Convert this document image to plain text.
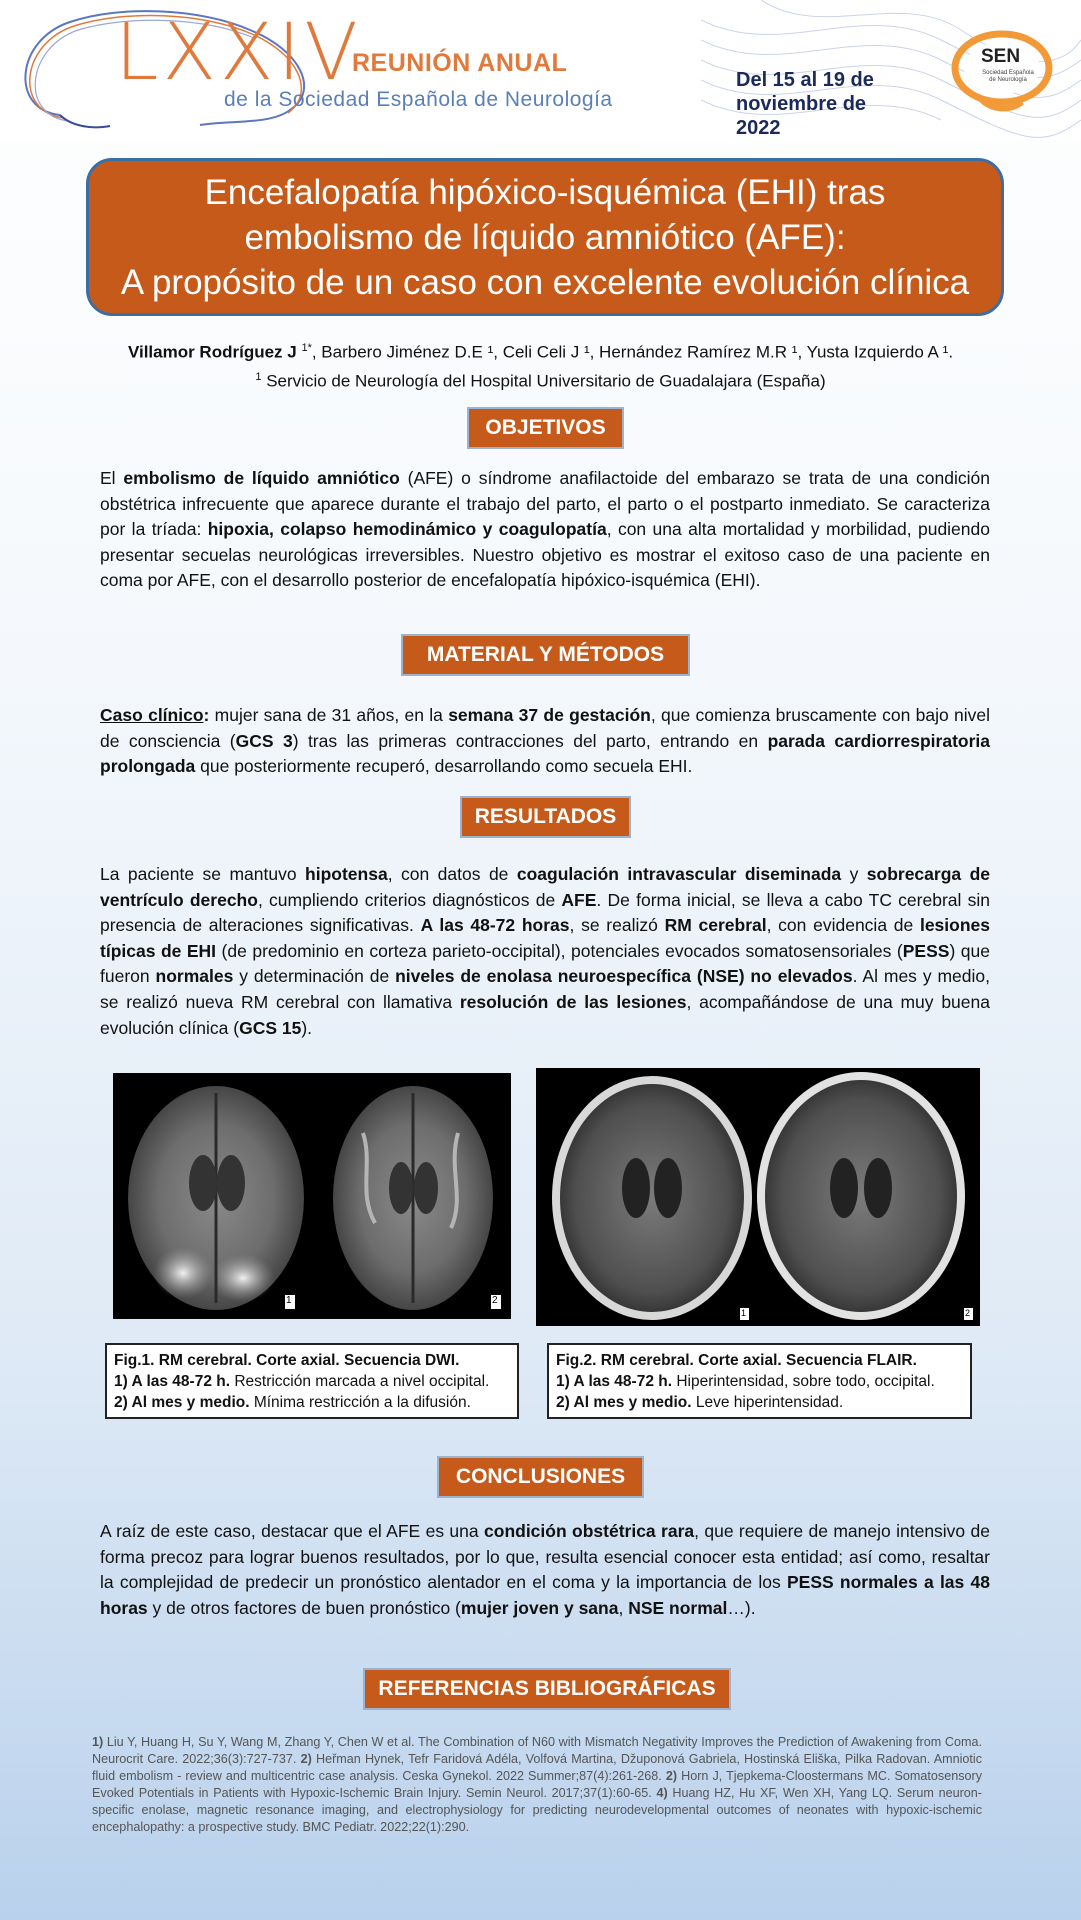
LXXIV
REUNIÓN ANUAL
de la Sociedad Española de Neurología
Del 15 al 19 de
noviembre de 2022
SEN
Sociedad Española de Neurología
Encefalopatía hipóxico-isquémica (EHI) tras
embolismo de líquido amniótico (AFE):
A propósito de un caso con excelente evolución clínica
Villamor Rodríguez J $^{1*}$, Barbero Jiménez D.E ¹, Celi Celi J ¹, Hernández Ramírez M.R ¹, Yusta Izquierdo A ¹.
$^1$ Servicio de Neurología del Hospital Universitario de Guadalajara (España)
OBJETIVOS
El embolismo de líquido amniótico (AFE) o síndrome anafilactoide del embarazo se trata de una condición obstétrica infrecuente que aparece durante el trabajo del parto, el parto o el postparto inmediato. Se caracteriza por la tríada: hipoxia, colapso hemodinámico y coagulopatía, con una alta mortalidad y morbilidad, pudiendo presentar secuelas neurológicas irreversibles. Nuestro objetivo es mostrar el exitoso caso de una paciente en coma por AFE, con el desarrollo posterior de encefalopatía hipóxico-isquémica (EHI).
MATERIAL Y MÉTODOS
Caso clínico: mujer sana de 31 años, en la semana 37 de gestación, que comienza bruscamente con bajo nivel de consciencia (GCS 3) tras las primeras contracciones del parto, entrando en parada cardiorrespiratoria prolongada que posteriormente recuperó, desarrollando como secuela EHI.
RESULTADOS
La paciente se mantuvo hipotensa, con datos de coagulación intravascular diseminada y sobrecarga de ventrículo derecho, cumpliendo criterios diagnósticos de AFE. De forma inicial, se lleva a cabo TC cerebral sin presencia de alteraciones significativas. A las 48-72 horas, se realizó RM cerebral, con evidencia de lesiones típicas de EHI (de predominio en corteza parieto-occipital), potenciales evocados somatosensoriales (PESS) que fueron normales y determinación de niveles de enolasa neuroespecífica (NSE) no elevados. Al mes y medio, se realizó nueva RM cerebral con llamativa resolución de las lesiones, acompañándose de una muy buena evolución clínica (GCS 15).
1	2
1	2
Fig.1. RM cerebral. Corte axial. Secuencia DWI.
1) A las 48-72 h. Restricción marcada a nivel occipital.
2) Al mes y medio. Mínima restricción a la difusión.
Fig.2. RM cerebral. Corte axial. Secuencia FLAIR.
1) A las 48-72 h. Hiperintensidad, sobre todo, occipital.
2) Al mes y medio. Leve hiperintensidad.
CONCLUSIONES
A raíz de este caso, destacar que el AFE es una condición obstétrica rara, que requiere de manejo intensivo de forma precoz para lograr buenos resultados, por lo que, resulta esencial conocer esta entidad; así como, resaltar la complejidad de predecir un pronóstico alentador en el coma y la importancia de los PESS normales a las 48 horas y de otros factores de buen pronóstico (mujer joven y sana, NSE normal…).
REFERENCIAS BIBLIOGRÁFICAS
1) Liu Y, Huang H, Su Y, Wang M, Zhang Y, Chen W et al. The Combination of N60 with Mismatch Negativity Improves the Prediction of Awakening from Coma. Neurocrit Care. 2022;36(3):727-737. 2) Heřman Hynek, Tefr Faridová Adéla, Volfová Martina, Džuponová Gabriela, Hostinská Eliška, Pilka Radovan. Amniotic fluid embolism - review and multicentric case analysis. Ceska Gynekol. 2022 Summer;87(4):261-268. 2) Horn J, Tjepkema-Cloostermans MC. Somatosensory Evoked Potentials in Patients with Hypoxic-Ischemic Brain Injury. Semin Neurol. 2017;37(1):60-65. 4) Huang HZ, Hu XF, Wen XH, Yang LQ. Serum neuron-specific enolase, magnetic resonance imaging, and electrophysiology for predicting neurodevelopmental outcomes of neonates with hypoxic-ischemic encephalopathy: a prospective study. BMC Pediatr. 2022;22(1):290.
